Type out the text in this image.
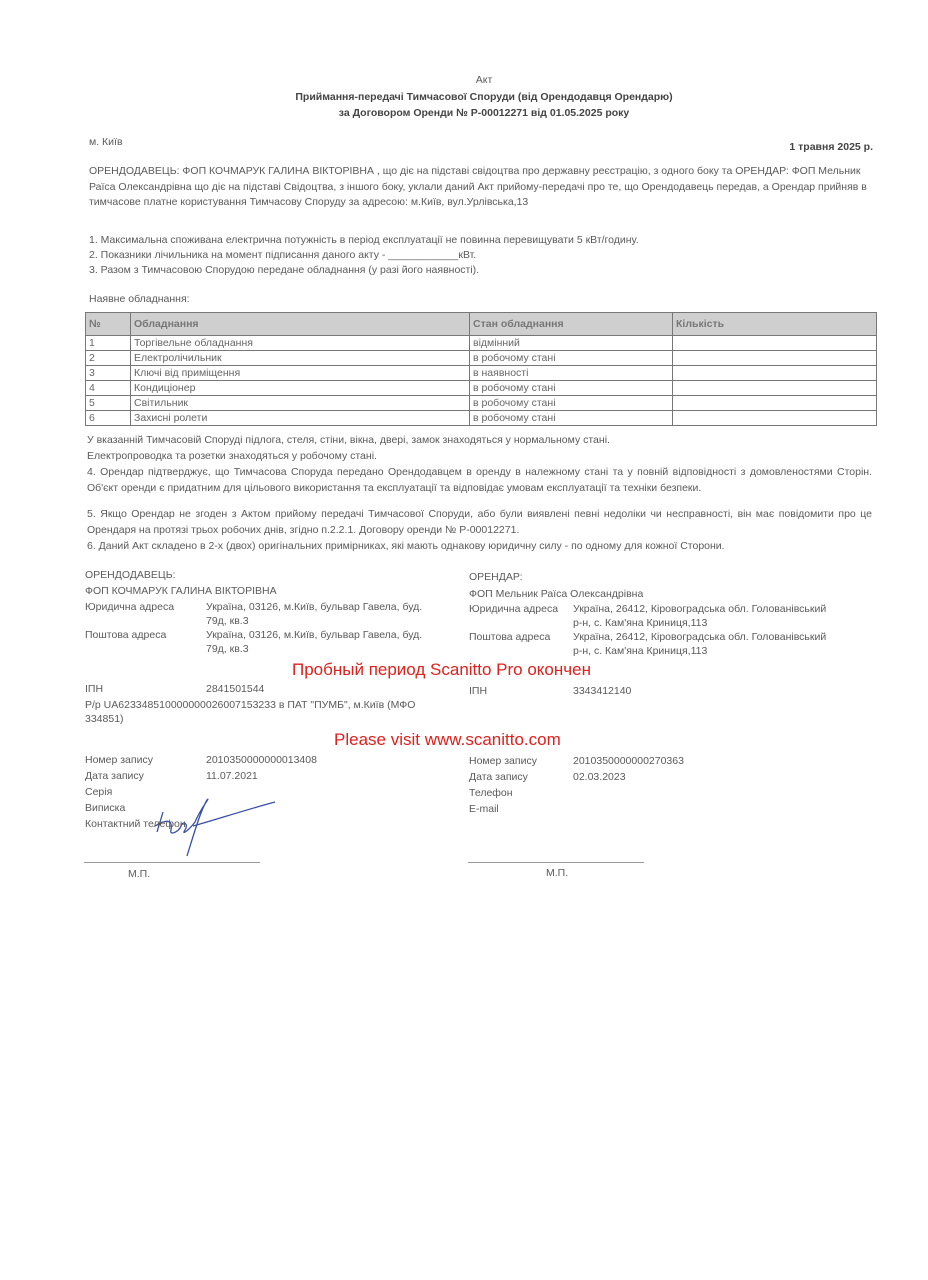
Акт
Приймання-передачі Тимчасової Споруди (від Орендодавця Орендарю)
за Договором Оренди № Р-00012271 від 01.05.2025 року
м. Київ	1 травня 2025 р.
ОРЕНДОДАВЕЦЬ: ФОП КОЧМАРУК ГАЛИНА ВІКТОРІВНА , що діє на підставі свідоцтва про державну реєстрацію, з одного боку та ОРЕНДАР: ФОП Мельник Раїса Олександрівна що діє на підставі Свідоцтва, з іншого боку, уклали даний Акт прийому-передачі про те, що Орендодавець передав, а Орендар прийняв в тимчасове платне користування Тимчасову Споруду за адресою: м.Київ, вул.Урлівська,13
1. Максимальна споживана електрична потужність в період експлуатації не повинна перевищувати 5 кВт/годину.
2. Показники лічильника на момент підписання даного акту - ____________кВт.
3. Разом з Тимчасовою Спорудою передане обладнання (у разі його наявності).
Наявне обладнання:
№	Обладнання	Стан обладнання	Кількість
1	Торгівельне обладнання	відмінний	
2	Електролічильник	в робочому стані	
3	Ключі від приміщення	в наявності	
4	Кондиціонер	в робочому стані	
5	Світильник	в робочому стані	
6	Захисні ролети	в робочому стані	
У вказанній Тимчасовій Споруді підлога, стеля, стіни, вікна, двері, замок знаходяться у нормальному стані.
Електропроводка та розетки знаходяться у робочому стані.
4. Орендар підтверджує, що Тимчасова Споруда передано Орендодавцем в оренду в належному стані та у повній відповідності з домовленостями Сторін. Об'єкт оренди є придатним для цільового використання та експлуатації та відповідає умовам експлуатації та техніки безпеки.
5. Якщо Орендар не згоден з Актом прийому передачі Тимчасової Споруди, або були виявлені певні недоліки чи несправності, він має повідомити про це Орендаря на протязі трьох робочих днів, згідно п.2.2.1. Договору оренди № Р-00012271.
6. Даний Акт складено в 2-х (двох) оригінальних примірниках, які мають однакову юридичну силу - по одному для кожної Сторони.
ОРЕНДОДАВЕЦЬ:
ФОП КОЧМАРУК ГАЛИНА ВІКТОРІВНА
Юридична адреса	Україна, 03126, м.Київ, бульвар Гавела, буд.
79д, кв.3
Поштова адреса	Україна, 03126, м.Київ, бульвар Гавела, буд.
79д, кв.3
ІПН	2841501544
Р/р UA623348510000000026007153233 в ПАТ "ПУМБ", м.Київ (МФО
334851)
Номер запису	2010350000000013408
Дата запису	11.07.2021
Серія
Виписка
Контактний телефон
М.П.
ОРЕНДАР:
ФОП Мельник Раїса Олександрівна
Юридична адреса Україна, 26412, Кіровоградська обл. Голованівський
р-н, с. Кам'яна Криниця,113
Поштова адреса Україна, 26412, Кіровоградська обл. Голованівський
р-н, с. Кам'яна Криниця,113
ІПН	3343412140
Номер запису	2010350000000270363
Дата запису	02.03.2023
Телефон
E-mail
М.П.
Пробный период Scanitto Pro окончен
Please visit www.scanitto.com
